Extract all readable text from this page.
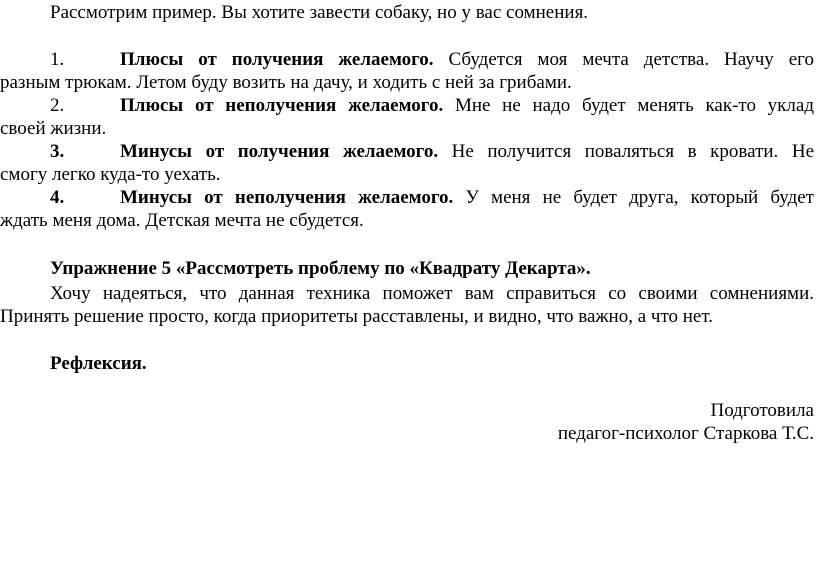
Рассмотрим пример. Вы хотите завести собаку, но у вас сомнения.
1.	Плюсы от получения желаемого. Сбудется моя мечта детства. Научу его
разным трюкам. Летом буду возить на дачу, и ходить с ней за грибами.
2.	Плюсы от неполучения желаемого. Мне не надо будет менять как-то уклад
своей жизни.
3.	Минусы от получения желаемого. Не получится поваляться в кровати. Не
смогу легко куда-то уехать.
4.	Минусы от неполучения желаемого. У меня не будет друга, который будет
ждать меня дома. Детская мечта не сбудется.
Упражнение 5 «Рассмотреть проблему по «Квадрату Декарта».
Хочу надеяться, что данная техника поможет вам справиться со своими сомнениями.
Принять решение просто, когда приоритеты расставлены, и видно, что важно, а что нет.
Рефлексия.
Подготовила
педагог-психолог Старкова Т.С.
